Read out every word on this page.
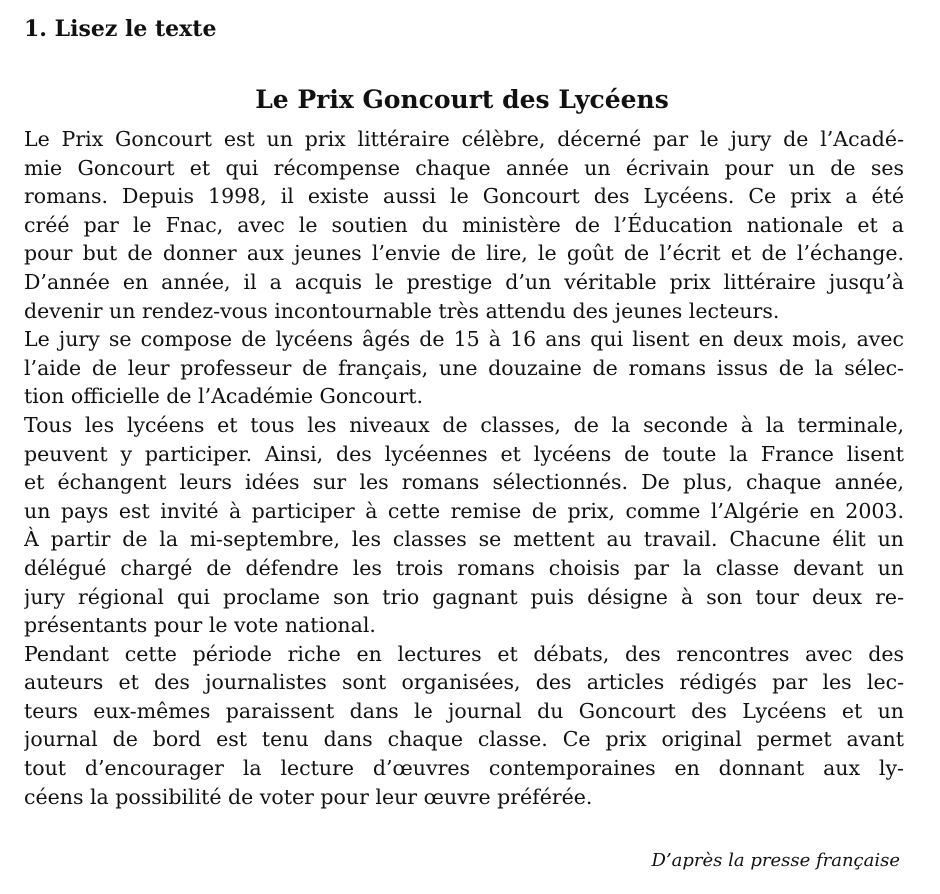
1. Lisez le texte
Le Prix Goncourt des Lycéens
Le Prix Goncourt est un prix littéraire célèbre, décerné par le jury de l’Acadé-
mie Goncourt et qui récompense chaque année un écrivain pour un de ses
romans. Depuis 1998, il existe aussi le Goncourt des Lycéens. Ce prix a été
créé par le Fnac, avec le soutien du ministère de l’Éducation nationale et a
pour but de donner aux jeunes l’envie de lire, le goût de l’écrit et de l’échange.
D’année en année, il a acquis le prestige d’un véritable prix littéraire jusqu’à
devenir un rendez-vous incontournable très attendu des jeunes lecteurs.
Le jury se compose de lycéens âgés de 15 à 16 ans qui lisent en deux mois, avec
l’aide de leur professeur de français, une douzaine de romans issus de la sélec-
tion officielle de l’Académie Goncourt.
Tous les lycéens et tous les niveaux de classes, de la seconde à la terminale,
peuvent y participer. Ainsi, des lycéennes et lycéens de toute la France lisent
et échangent leurs idées sur les romans sélectionnés. De plus, chaque année,
un pays est invité à participer à cette remise de prix, comme l’Algérie en 2003.
À partir de la mi-septembre, les classes se mettent au travail. Chacune élit un
délégué chargé de défendre les trois romans choisis par la classe devant un
jury régional qui proclame son trio gagnant puis désigne à son tour deux re-
présentants pour le vote national.
Pendant cette période riche en lectures et débats, des rencontres avec des
auteurs et des journalistes sont organisées, des articles rédigés par les lec-
teurs eux-mêmes paraissent dans le journal du Goncourt des Lycéens et un
journal de bord est tenu dans chaque classe. Ce prix original permet avant
tout d’encourager la lecture d’œuvres contemporaines en donnant aux ly-
céens la possibilité de voter pour leur œuvre préférée.
D’après la presse française
